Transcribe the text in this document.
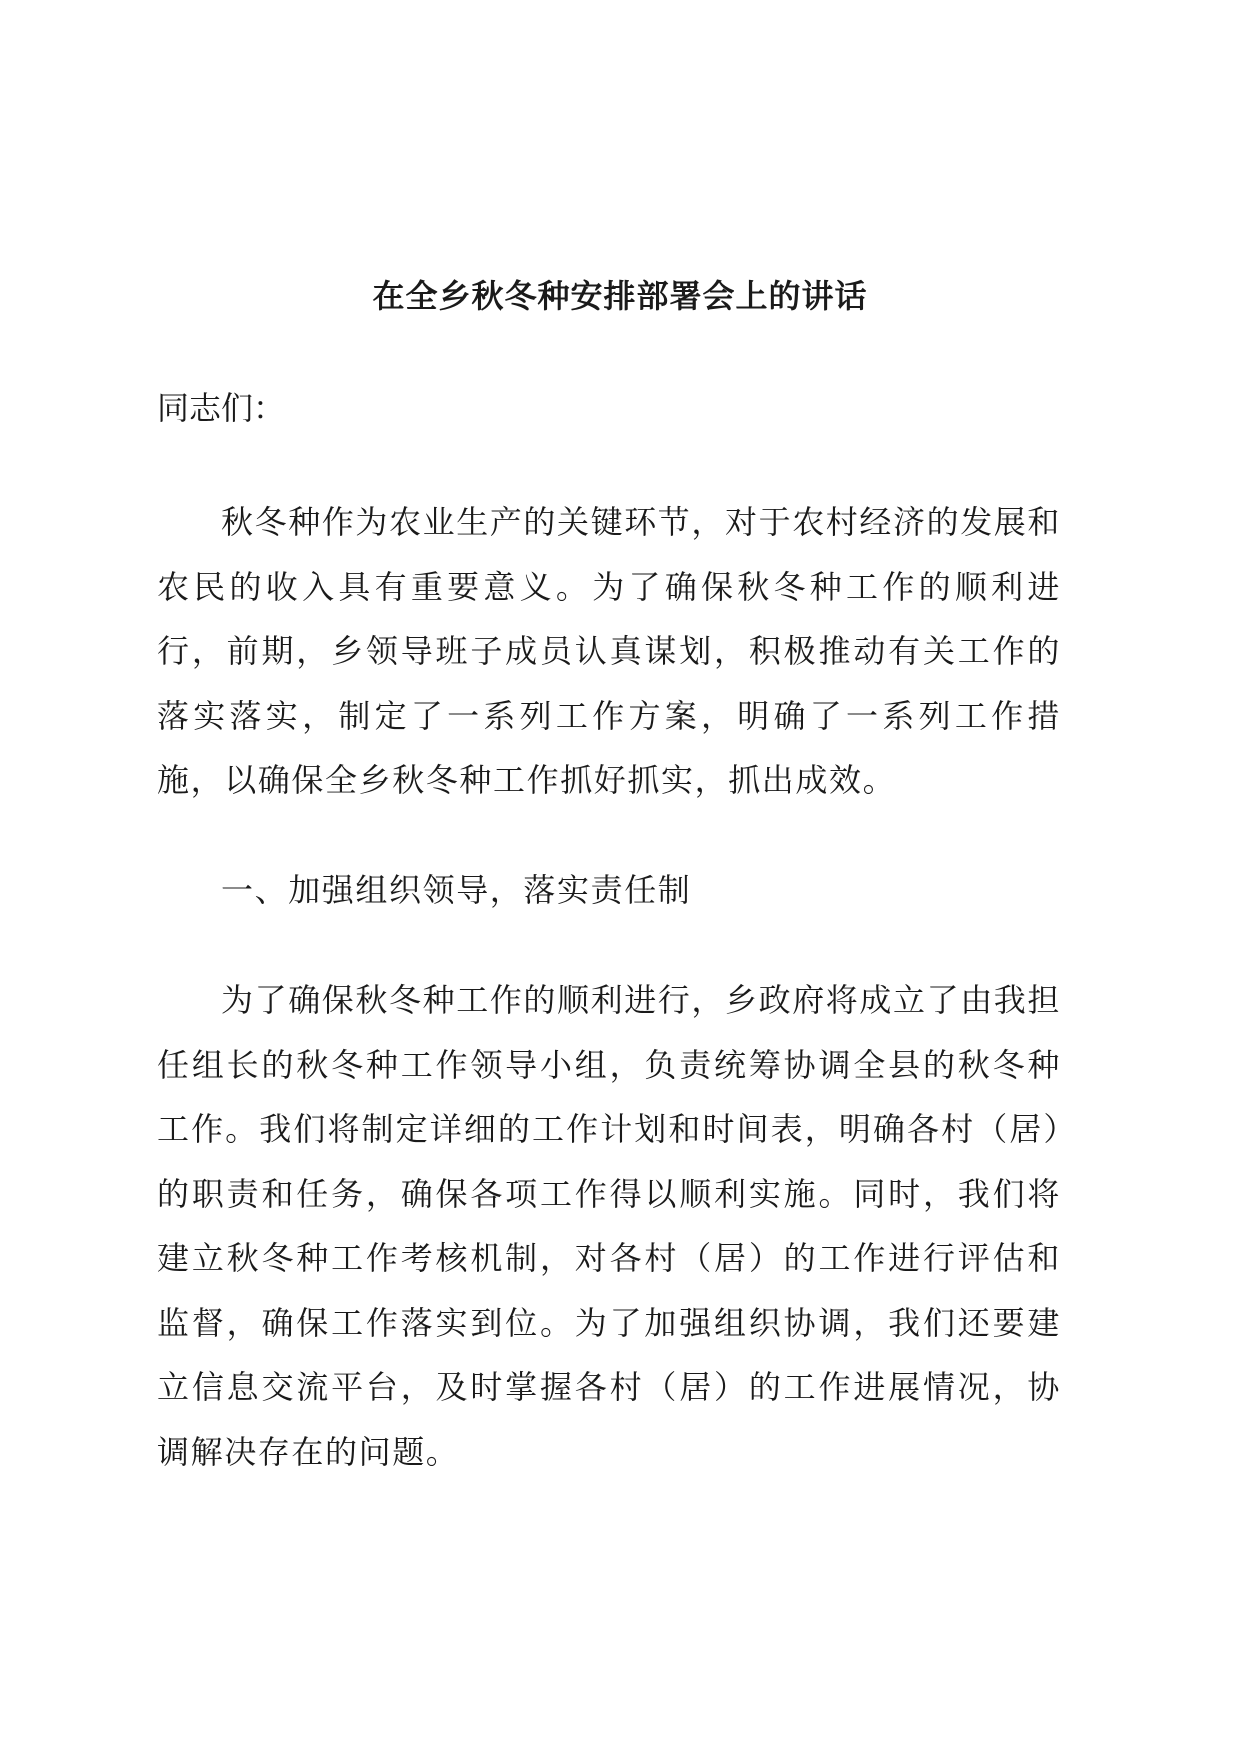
在全乡秋冬种安排部署会上的讲话

同志们：

秋冬种作为农业生产的关键环节，对于农村经济的发展和农民的收入具有重要意义。为了确保秋冬种工作的顺利进行，前期，乡领导班子成员认真谋划，积极推动有关工作的落实落实，制定了一系列工作方案，明确了一系列工作措施，以确保全乡秋冬种工作抓好抓实，抓出成效。

一、加强组织领导，落实责任制

为了确保秋冬种工作的顺利进行，乡政府将成立了由我担任组长的秋冬种工作领导小组，负责统筹协调全县的秋冬种工作。我们将制定详细的工作计划和时间表，明确各村（居）的职责和任务，确保各项工作得以顺利实施。同时，我们将建立秋冬种工作考核机制，对各村（居）的工作进行评估和监督，确保工作落实到位。为了加强组织协调，我们还要建立信息交流平台，及时掌握各村（居）的工作进展情况，协调解决存在的问题。
